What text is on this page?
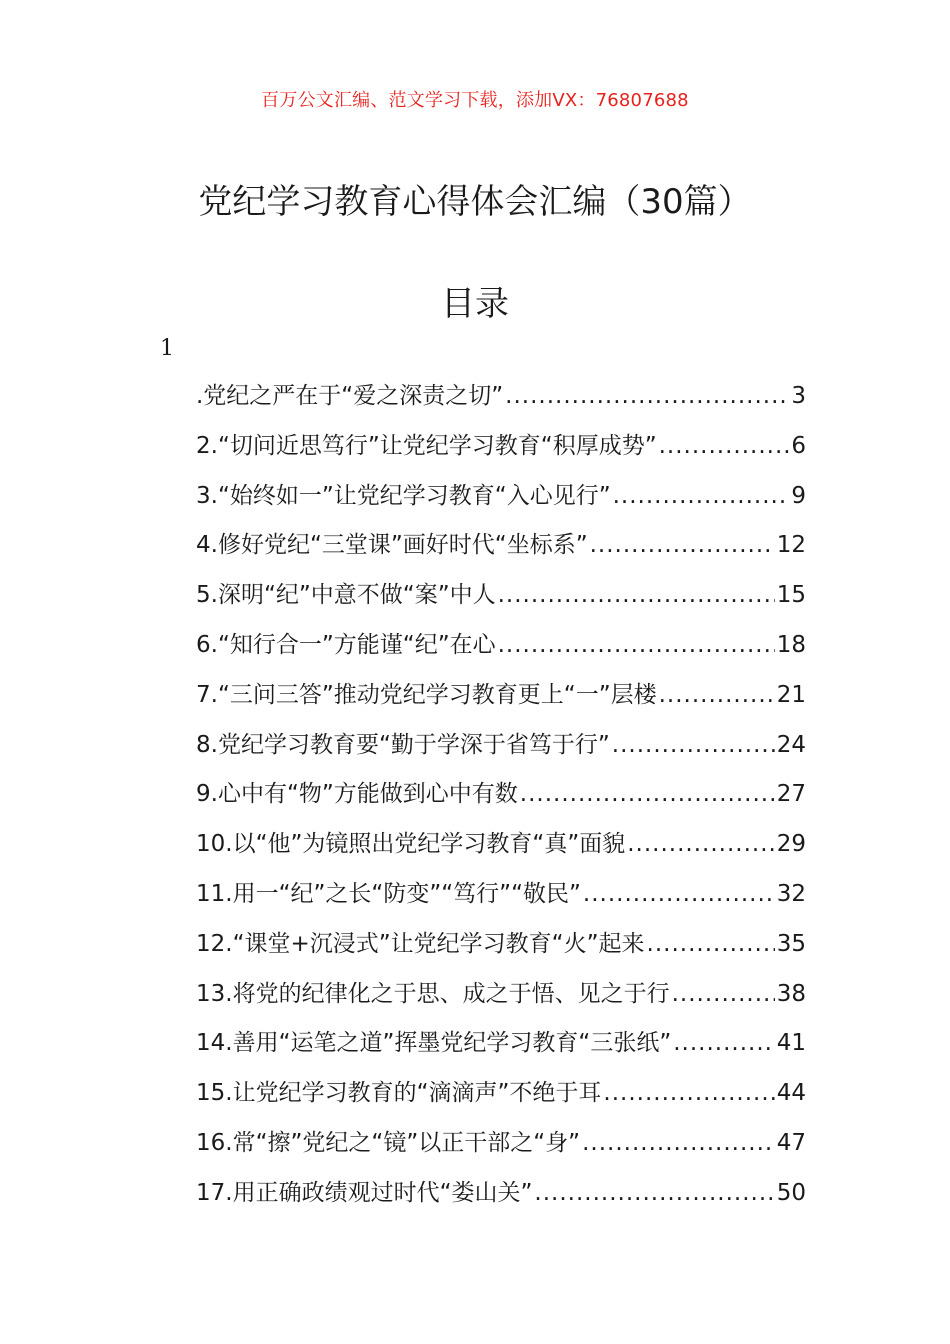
百万公文汇编、范文学习下载，添加VX：76807688
党纪学习教育心得体会汇编（30篇）
目录
1
.党纪之严在于“爱之深责之切” .....	3
2.“切问近思笃行”让党纪学习教育“积厚成势” .....	6
3.“始终如一”让党纪学习教育“入心见行” .....	9
4.修好党纪“三堂课”画好时代“坐标系” .....	12
5.深明“纪”中意不做“案”中人 .....	15
6.“知行合一”方能谨“纪”在心 .....	18
7.“三问三答”推动党纪学习教育更上“一”层楼 .....	21
8.党纪学习教育要“勤于学深于省笃于行” .....	24
9.心中有“物”方能做到心中有数 .....	27
10.以“他”为镜照出党纪学习教育“真”面貌 .....	29
11.用一“纪”之长“防变”“笃行”“敬民” .....	32
12.“课堂+沉浸式”让党纪学习教育“火”起来 .....	35
13.将党的纪律化之于思、成之于悟、见之于行 .....	38
14.善用“运笔之道”挥墨党纪学习教育“三张纸” .....	41
15.让党纪学习教育的“滴滴声”不绝于耳 .....	44
16.常“擦”党纪之“镜”以正干部之“身” .....	47
17.用正确政绩观过时代“娄山关” .....	50
